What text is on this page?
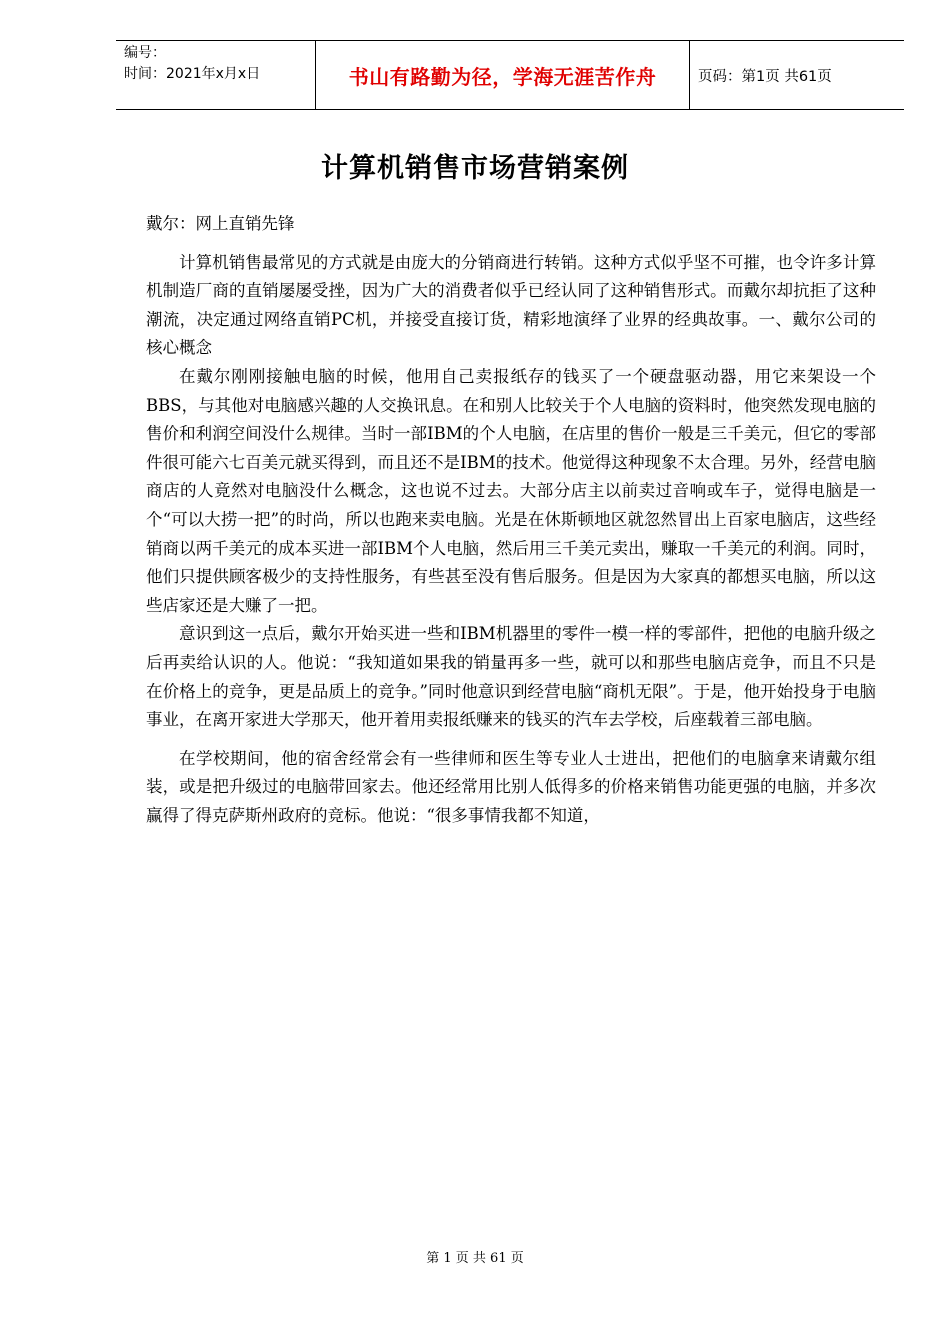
编号：
时间：2021年x月x日	书山有路勤为径，学海无涯苦作舟	页码：第1页 共61页
计算机销售市场营销案例

戴尔：网上直销先锋

计算机销售最常见的方式就是由庞大的分销商进行转销。这种方式似乎坚不可摧，也令许多计算机制造厂商的直销屡屡受挫，因为广大的消费者似乎已经认同了这种销售形式。而戴尔却抗拒了这种潮流，决定通过网络直销PC机，并接受直接订货，精彩地演绎了业界的经典故事。一、戴尔公司的核心概念

在戴尔刚刚接触电脑的时候，他用自己卖报纸存的钱买了一个硬盘驱动器，用它来架设一个BBS，与其他对电脑感兴趣的人交换讯息。在和别人比较关于个人电脑的资料时，他突然发现电脑的售价和利润空间没什么规律。当时一部IBM的个人电脑，在店里的售价一般是三千美元，但它的零部件很可能六七百美元就买得到，而且还不是IBM的技术。他觉得这种现象不太合理。另外，经营电脑商店的人竟然对电脑没什么概念，这也说不过去。大部分店主以前卖过音响或车子，觉得电脑是一个“可以大捞一把”的时尚，所以也跑来卖电脑。光是在休斯顿地区就忽然冒出上百家电脑店，这些经销商以两千美元的成本买进一部IBM个人电脑，然后用三千美元卖出，赚取一千美元的利润。同时，他们只提供顾客极少的支持性服务，有些甚至没有售后服务。但是因为大家真的都想买电脑，所以这些店家还是大赚了一把。

意识到这一点后，戴尔开始买进一些和IBM机器里的零件一模一样的零部件，把他的电脑升级之后再卖给认识的人。他说：“我知道如果我的销量再多一些，就可以和那些电脑店竞争，而且不只是在价格上的竞争，更是品质上的竞争。”同时他意识到经营电脑“商机无限”。于是，他开始投身于电脑事业，在离开家进大学那天，他开着用卖报纸赚来的钱买的汽车去学校，后座载着三部电脑。

在学校期间，他的宿舍经常会有一些律师和医生等专业人士进出，把他们的电脑拿来请戴尔组装，或是把升级过的电脑带回家去。他还经常用比别人低得多的价格来销售功能更强的电脑，并多次赢得了得克萨斯州政府的竞标。他说：“很多事情我都不知道，

第 1 页 共 61 页
